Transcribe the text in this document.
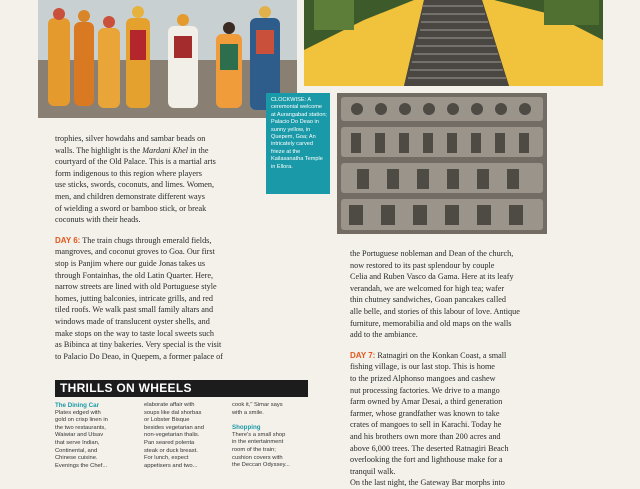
CLOCKWISE: A ceremonial welcome at Aurangabad station; Palacio Do Deao in sunny yellow, in Quepem, Goa; An intricately carved frieze at the Kailasanatha Temple in Ellora.
trophies, silver howdahs and sambar beads on
walls. The highlight is the Mardani Khel in the
courtyard of the Old Palace. This is a martial arts
form indigenous to this region where players
use sticks, swords, coconuts, and limes. Women,
men, and children demonstrate different ways
of wielding a sword or bamboo stick, or break
coconuts with their heads.
DAY 6: The train chugs through emerald fields,
mangroves, and coconut groves to Goa. Our first
stop is Panjim where our guide Jonas takes us
through Fontainhas, the old Latin Quarter. Here,
narrow streets are lined with old Portuguese style
homes, jutting balconies, intricate grills, and red
tiled roofs. We walk past small family altars and
windows made of translucent oyster shells, and
make stops on the way to taste local sweets such
as Bibinca at tiny bakeries. Very special is the visit
to Palacio Do Deao, in Quepem, a former palace of
the Portuguese nobleman and Dean of the church,
now restored to its past splendour by couple
Celia and Ruben Vasco da Gama. Here at its leafy
verandah, we are welcomed for high tea; wafer
thin chutney sandwiches, Goan pancakes called
alle belle, and stories of this labour of love. Antique
furniture, memorabilia and old maps on the walls
add to the ambiance.
DAY 7: Ratnagiri on the Konkan Coast, a small
fishing village, is our last stop. This is home
to the prized Alphonso mangoes and cashew
nut processing factories. We drive to a mango
farm owned by Amar Desai, a third generation
farmer, whose grandfather was known to take
crates of mangoes to sell in Karachi. Today he
and his brothers own more than 200 acres and
above 6,000 trees. The deserted Ratnagiri Beach
overlooking the fort and lighthouse make for a
tranquil walk.
On the last night, the Gateway Bar morphs into
THRILLS ON WHEELS
The Dining Car
Plates edged with
gold on crisp linen in
the two restaurants,
Waiwiar and Utsav
that serve Indian,
Continental, and
Chinese cuisine.
Evenings the Chef...
elaborate affair with
soups like dal shorbas
or Lobster Bisque
besides vegetarian and
non-vegetarian thalis.
Pan seared polenta
steak or duck breast.
For lunch, expect
appetisers and two...
cook it," Simar says
with a smile.
Shopping
There's a small shop
in the entertainment
room of the train;
cushion covers with
the Deccan Odyssey...
